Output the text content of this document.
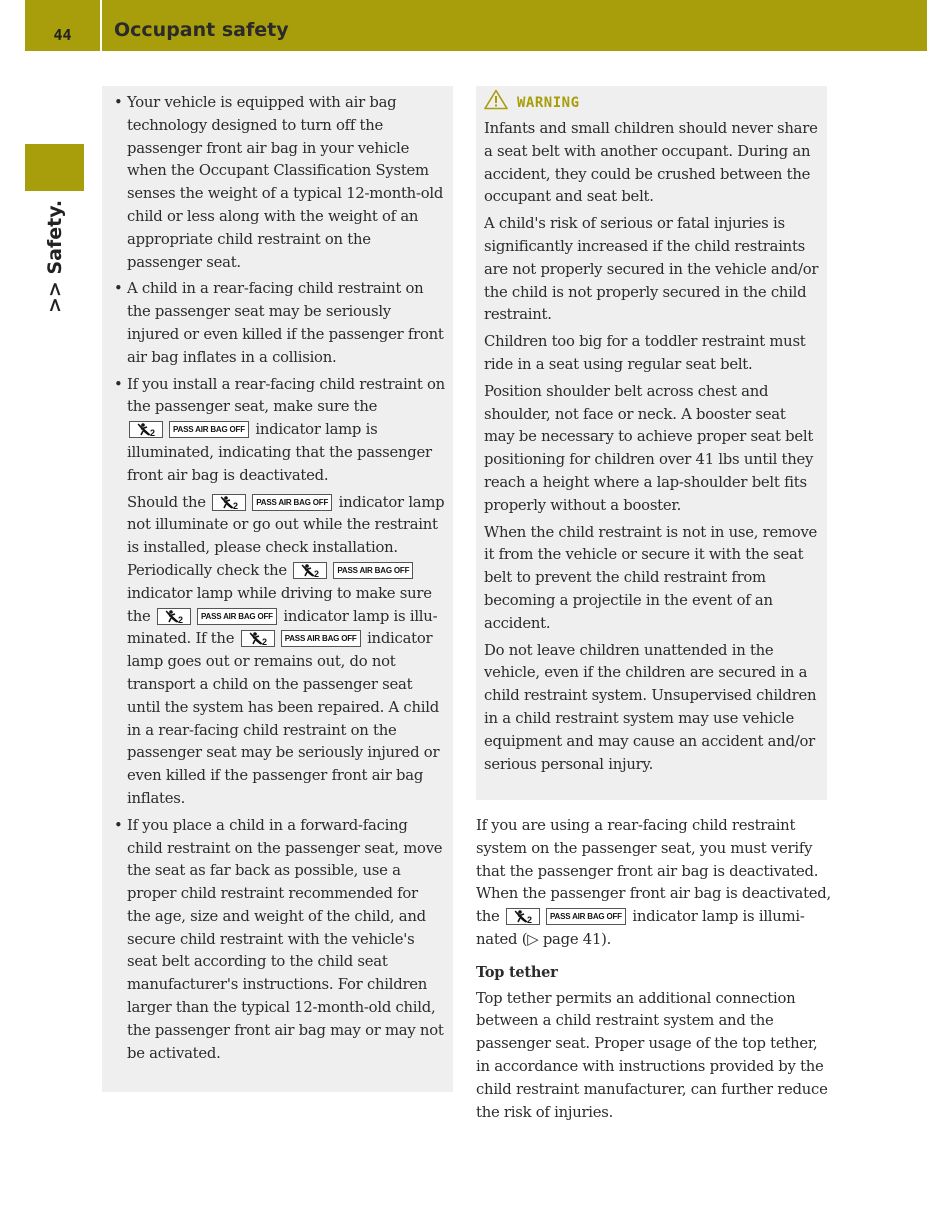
44	Occupant safety
>> Safety.
• Your vehicle is equipped with air bag technology designed to turn off the passenger front air bag in your vehicle when the Occupant Classification System senses the weight of a typical 12-month-old child or less along with the weight of an appropriate child restraint on the passenger seat.
• A child in a rear-facing child restraint on the passenger seat may be seriously injured or even killed if the passenger front air bag inflates in a collision.
• If you install a rear-facing child restraint on the passenger seat, make sure the
2	PASS AIR BAG OFF indicator lamp is illuminated, indicating that the passenger front air bag is deactivated.
Should the	2	PASS AIR BAG OFF indicator lamp not illuminate or go out while the restraint is installed, please check installation. Periodically check the	2	PASS AIR BAG OFF
indicator lamp while driving to make sure the	2	PASS AIR BAG OFF indicator lamp is illuminated. If the	2	PASS AIR BAG OFF indicator lamp goes out or remains out, do not transport a child on the passenger seat until the system has been repaired. A child in a rear-facing child restraint on the passenger seat may be seriously injured or even killed if the passenger front air bag inflates.
• If you place a child in a forward-facing child restraint on the passenger seat, move the seat as far back as possible, use a proper child restraint recommended for the age, size and weight of the child, and secure child restraint with the vehicle's seat belt according to the child seat manufacturer's instructions. For children larger than the typical 12-month-old child, the passenger front air bag may or may not be activated.
WARNING

Infants and small children should never share a seat belt with another occupant. During an accident, they could be crushed between the occupant and seat belt.

A child's risk of serious or fatal injuries is significantly increased if the child restraints are not properly secured in the vehicle and/or the child is not properly secured in the child restraint.

Children too big for a toddler restraint must ride in a seat using regular seat belt.

Position shoulder belt across chest and shoulder, not face or neck. A booster seat may be necessary to achieve proper seat belt positioning for children over 41 lbs until they reach a height where a lap-shoulder belt fits properly without a booster.

When the child restraint is not in use, remove it from the vehicle or secure it with the seat belt to prevent the child restraint from becoming a projectile in the event of an accident.

Do not leave children unattended in the vehicle, even if the children are secured in a child restraint system. Unsupervised children in a child restraint system may use vehicle equipment and may cause an accident and/or serious personal injury.

If you are using a rear-facing child restraint system on the passenger seat, you must verify that the passenger front air bag is deactivated. When the passenger front air bag is deactivated, the	2	PASS AIR BAG OFF indicator lamp is illuminated (▷ page 41).

Top tether

Top tether permits an additional connection between a child restraint system and the passenger seat. Proper usage of the top tether, in accordance with instructions provided by the child restraint manufacturer, can further reduce the risk of injuries.
